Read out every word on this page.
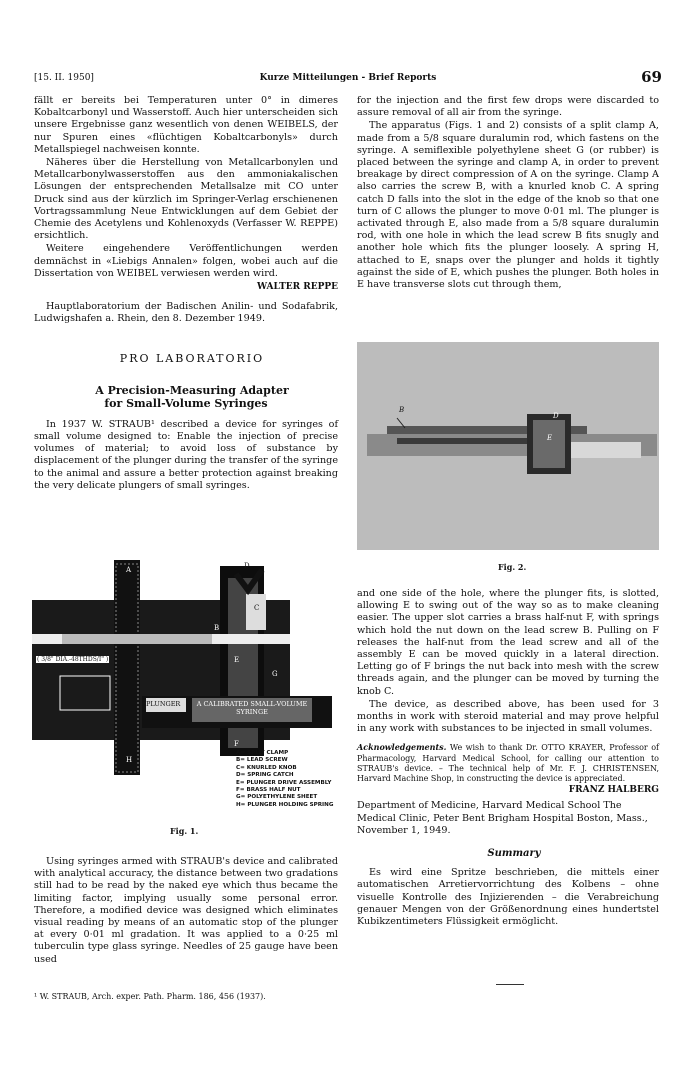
[15. II. 1950]	Kurze Mitteilungen - Brief Reports	69

fällt er bereits bei Temperaturen unter 0° in dimeres Kobaltcarbonyl und Wasserstoff. Auch hier unterscheiden sich unsere Ergebnisse ganz wesentlich von denen WEIBELS, der nur Spuren eines «flüchtigen Kobaltcarbonyls» durch Metallspiegel nachweisen konnte.

Näheres über die Herstellung von Metallcarbonylen und Metallcarbonylwasserstoffen aus den ammoniakalischen Lösungen der entsprechenden Metallsalze mit CO unter Druck sind aus der kürzlich im Springer-Verlag erschienenen Vortragssammlung Neue Entwicklungen auf dem Gebiet der Chemie des Acetylens und Kohlenoxyds (Verfasser W. REPPE) ersichtlich.

Weitere eingehendere Veröffentlichungen werden demnächst in «Liebigs Annalen» folgen, wobei auch auf die Dissertation von WEIBEL verwiesen werden wird.

WALTER REPPE

Hauptlaboratorium der Badischen Anilin- und Sodafabrik, Ludwigshafen a. Rhein, den 8. Dezember 1949.

PRO LABORATORIO

A Precision-Measuring Adapter for Small-Volume Syringes

In 1937 W. STRAUB¹ described a device for syringes of small volume designed to: Enable the injection of precise volumes of material; to avoid loss of substance by displacement of the plunger during the transfer of the syringe to the animal and assure a better protection against breaking the very delicate plungers of small syringes.

( 3/8" DIA.-48THDS/I" )
PLUNGER	A CALIBRATED SMALL-VOLUME SYRINGE
A
B
C
D
E
F
G
H
A= SPLIT CLAMP
B= LEAD SCREW
C= KNURLED KNOB
D= SPRING CATCH
E= PLUNGER DRIVE ASSEMBLY
F= BRASS HALF NUT
G= POLYETHYLENE SHEET
H= PLUNGER HOLDING SPRING
Fig. 1.

Using syringes armed with STRAUB's device and calibrated with analytical accuracy, the distance between two gradations still had to be read by the naked eye which thus became the limiting factor, implying usually some personal error. Therefore, a modified device was designed which eliminates visual reading by means of an automatic stop of the plunger at every 0·01 ml gradation. It was applied to a 0·25 ml tuberculin type glass syringe. Needles of 25 gauge have been used

¹ W. STRAUB, Arch. exper. Path. Pharm. 186, 456 (1937).

for the injection and the first few drops were discarded to assure removal of all air from the syringe.

The apparatus (Figs. 1 and 2) consists of a split clamp A, made from a 5/8 square duralumin rod, which fastens on the syringe. A semiflexible polyethylene sheet G (or rubber) is placed between the syringe and clamp A, in order to prevent breakage by direct compression of A on the syringe. Clamp A also carries the screw B, with a knurled knob C. A spring catch D falls into the slot in the edge of the knob so that one turn of C allows the plunger to move 0·01 ml. The plunger is activated through E, also made from a 5/8 square duralumin rod, with one hole in which the lead screw B fits snugly and another hole which fits the plunger loosely. A spring H, attached to E, snaps over the plunger and holds it tightly against the side of E, which pushes the plunger. Both holes in E have transverse slots cut through them,

B
E
D
Fig. 2.

and one side of the hole, where the plunger fits, is slotted, allowing E to swing out of the way so as to make cleaning easier. The upper slot carries a brass half-nut F, with springs which hold the nut down on the lead screw B. Pulling on F releases the half-nut from the lead screw and all of the assembly E can be moved quickly in a lateral direction. Letting go of F brings the nut back into mesh with the screw threads again, and the plunger can be moved by turning the knob C.

The device, as described above, has been used for 3 months in work with steroid material and may prove helpful in any work with substances to be injected in small volumes.

Acknowledgements. We wish to thank Dr. OTTO KRAYER, Professor of Pharmacology, Harvard Medical School, for calling our attention to STRAUB's device. – The technical help of Mr. F. J. CHRISTENSEN, Harvard Machine Shop, in constructing the device is appreciated.
FRANZ HALBERG

Department of Medicine, Harvard Medical School The Medical Clinic, Peter Bent Brigham Hospital Boston, Mass., November 1, 1949.

Summary

Es wird eine Spritze beschrieben, die mittels einer automatischen Arretiervorrichtung des Kolbens – ohne visuelle Kontrolle des Injizierenden – die Verabreichung genauer Mengen von der Größenordnung eines hundertstel Kubikzentimeters Flüssigkeit ermöglicht.
